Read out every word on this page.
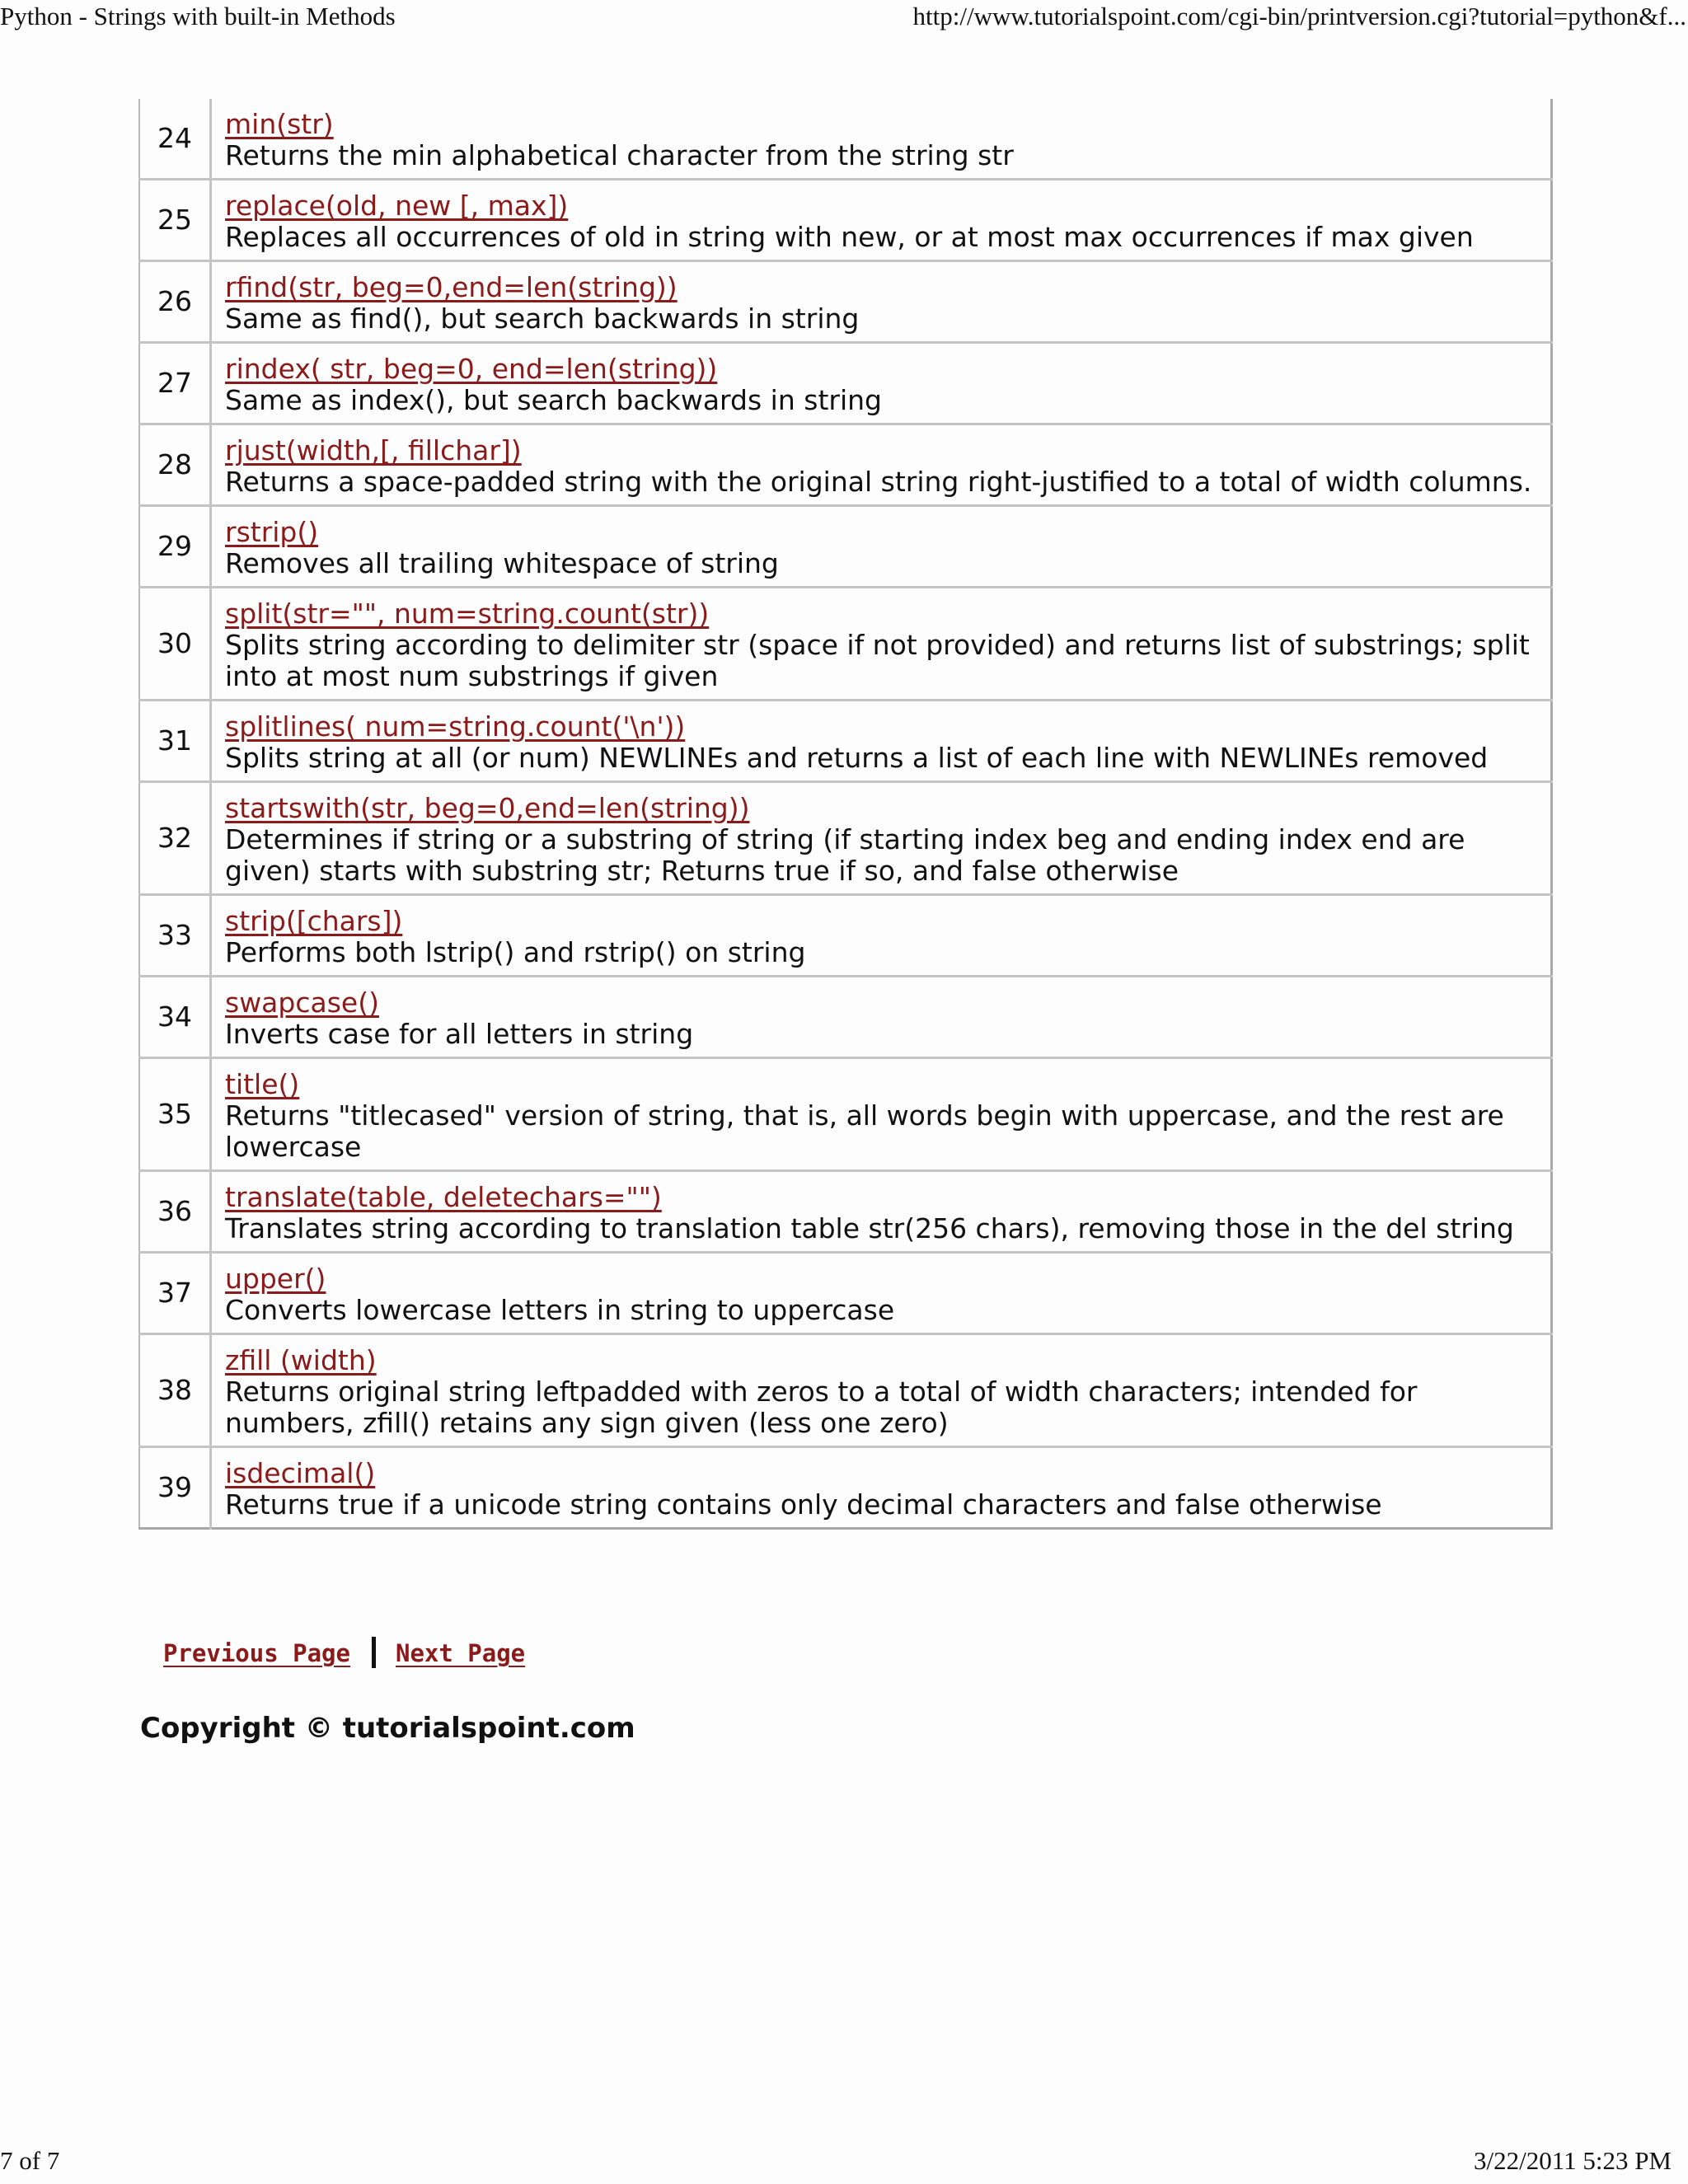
Python - Strings with built-in Methods	http://www.tutorialspoint.com/cgi-bin/printversion.cgi?tutorial=python&f...
24	min(str)
Returns the min alphabetical character from the string str

25	replace(old, new [, max])
Replaces all occurrences of old in string with new, or at most max occurrences if max given

26	rfind(str, beg=0,end=len(string))
Same as find(), but search backwards in string

27	rindex( str, beg=0, end=len(string))
Same as index(), but search backwards in string

28	rjust(width,[, fillchar])
Returns a space-padded string with the original string right-justified to a total of width columns.

29	rstrip()
Removes all trailing whitespace of string

30	split(str="", num=string.count(str))
Splits string according to delimiter str (space if not provided) and returns list of substrings; split into at most num substrings if given

31	splitlines( num=string.count('\n'))
Splits string at all (or num) NEWLINEs and returns a list of each line with NEWLINEs removed

32	startswith(str, beg=0,end=len(string))
Determines if string or a substring of string (if starting index beg and ending index end are given) starts with substring str; Returns true if so, and false otherwise

33	strip([chars])
Performs both lstrip() and rstrip() on string

34	swapcase()
Inverts case for all letters in string

35	title()
Returns "titlecased" version of string, that is, all words begin with uppercase, and the rest are lowercase

36	translate(table, deletechars="")
Translates string according to translation table str(256 chars), removing those in the del string

37	upper()
Converts lowercase letters in string to uppercase

38	zfill (width)
Returns original string leftpadded with zeros to a total of width characters; intended for numbers, zfill() retains any sign given (less one zero)

39	isdecimal()
Returns true if a unicode string contains only decimal characters and false otherwise
Previous Page Next Page
Copyright © tutorialspoint.com
7 of 7	3/22/2011 5:23 PM
